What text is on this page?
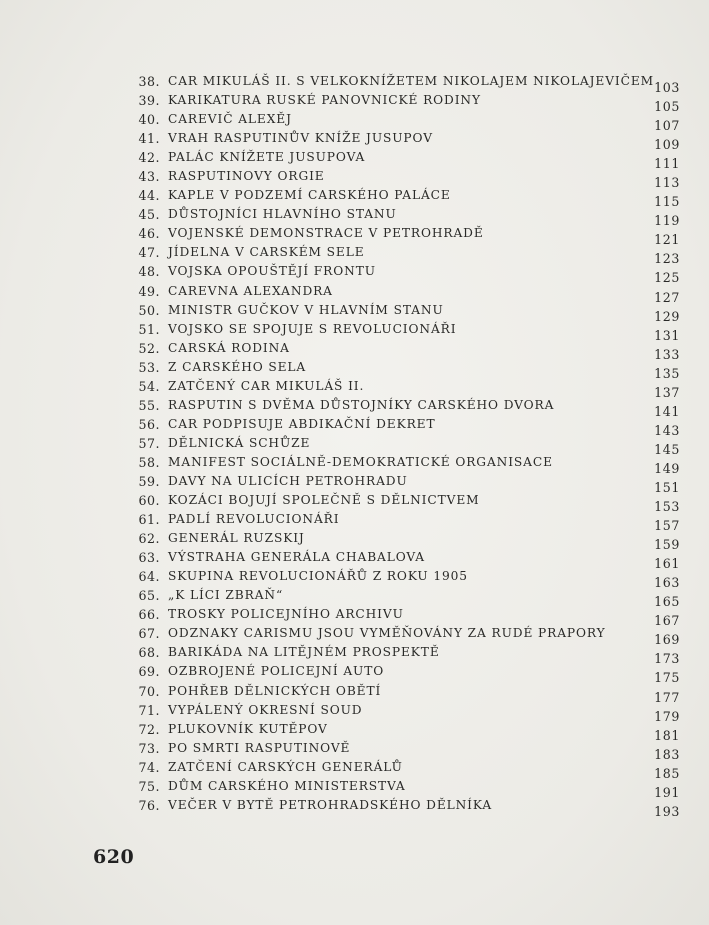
38. CAR MIKULÁŠ II. S VELKOKNÍŽETEM NIKOLAJEM NIKOLAJEVIČEM 103
39. KARIKATURA RUSKÉ PANOVNICKÉ RODINY	105
40. CAREVIČ ALEXĚJ	107
41. VRAH RASPUTINŮV KNÍŽE JUSUPOV	109
42. PALÁC KNÍŽETE JUSUPOVA	111
43. RASPUTINOVY ORGIE	113
44. KAPLE V PODZEMÍ CARSKÉHO PALÁCE	115
45. DŮSTOJNÍCI HLAVNÍHO STANU	119
46. VOJENSKÉ DEMONSTRACE V PETROHRADĚ	121
47. JÍDELNA V CARSKÉM SELE	123
48. VOJSKA OPOUŠTĚJÍ FRONTU	125
49. CAREVNA ALEXANDRA	127
50. MINISTR GUČKOV V HLAVNÍM STANU	129
51. VOJSKO SE SPOJUJE S REVOLUCIONÁŘI	131
52. CARSKÁ RODINA	133
53. Z CARSKÉHO SELA	135
54. ZATČENÝ CAR MIKULÁŠ II.	137
55. RASPUTIN S DVĚMA DŮSTOJNÍKY CARSKÉHO DVORA	141
56. CAR PODPISUJE ABDIKAČNÍ DEKRET	143
57. DĚLNICKÁ SCHŮZE	145
58. MANIFEST SOCIÁLNĚ-DEMOKRATICKÉ ORGANISACE	149
59. DAVY NA ULICÍCH PETROHRADU	151
60. KOZÁCI BOJUJÍ SPOLEČNĚ S DĚLNICTVEM	153
61. PADLÍ REVOLUCIONÁŘI	157
62. GENERÁL RUZSKIJ	159
63. VÝSTRAHA GENERÁLA CHABALOVA	161
64. SKUPINA REVOLUCIONÁŘŮ Z ROKU 1905	163
65. „K LÍCI ZBRAŇ“	165
66. TROSKY POLICEJNÍHO ARCHIVU	167
67. ODZNAKY CARISMU JSOU VYMĚŇOVÁNY ZA RUDÉ PRAPORY	169
68. BARIKÁDA NA LITĚJNÉM PROSPEKTĚ	173
69. OZBROJENÉ POLICEJNÍ AUTO	175
70. POHŘEB DĚLNICKÝCH OBĚTÍ	177
71. VYPÁLENÝ OKRESNÍ SOUD	179
72. PLUKOVNÍK KUTĚPOV	181
73. PO SMRTI RASPUTINOVĚ	183
74. ZATČENÍ CARSKÝCH GENERÁLŮ	185
75. DŮM CARSKÉHO MINISTERSTVA	191
76. VEČER V BYTĚ PETROHRADSKÉHO DĚLNÍKA	193
620
